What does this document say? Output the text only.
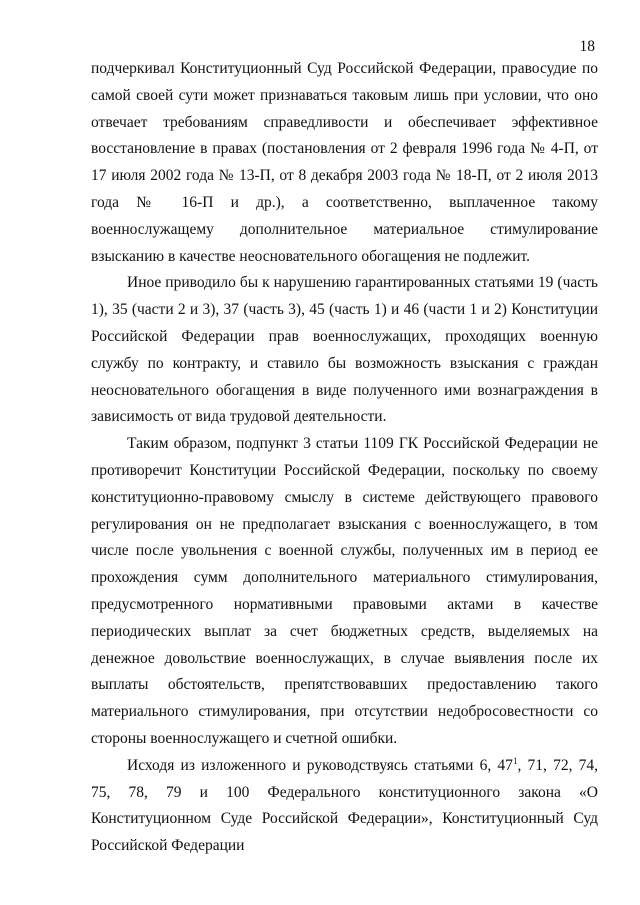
18

подчеркивал Конституционный Суд Российской Федерации, правосудие по самой своей сути может признаваться таковым лишь при условии, что оно отвечает требованиям справедливости и обеспечивает эффективное восстановление в правах (постановления от 2 февраля 1996 года № 4-П, от 17 июля 2002 года № 13-П, от 8 декабря 2003 года № 18-П, от 2 июля 2013 года № 16-П и др.), а соответственно, выплаченное такому военнослужащему дополнительное материальное стимулирование взысканию в качестве неосновательного обогащения не подлежит.

Иное приводило бы к нарушению гарантированных статьями 19 (часть 1), 35 (части 2 и 3), 37 (часть 3), 45 (часть 1) и 46 (части 1 и 2) Конституции Российской Федерации прав военнослужащих, проходящих военную службу по контракту, и ставило бы возможность взыскания с граждан неосновательного обогащения в виде полученного ими вознаграждения в зависимость от вида трудовой деятельности.

Таким образом, подпункт 3 статьи 1109 ГК Российской Федерации не противоречит Конституции Российской Федерации, поскольку по своему конституционно-правовому смыслу в системе действующего правового регулирования он не предполагает взыскания с военнослужащего, в том числе после увольнения с военной службы, полученных им в период ее прохождения сумм дополнительного материального стимулирования, предусмотренного нормативными правовыми актами в качестве периодических выплат за счет бюджетных средств, выделяемых на денежное довольствие военнослужащих, в случае выявления после их выплаты обстоятельств, препятствовавших предоставлению такого материального стимулирования, при отсутствии недобросовестности со стороны военнослужащего и счетной ошибки.

Исходя из изложенного и руководствуясь статьями 6, $47^1$, 71, 72, 74, 75, 78, 79 и 100 Федерального конституционного закона «О Конституционном Суде Российской Федерации», Конституционный Суд Российской Федерации
